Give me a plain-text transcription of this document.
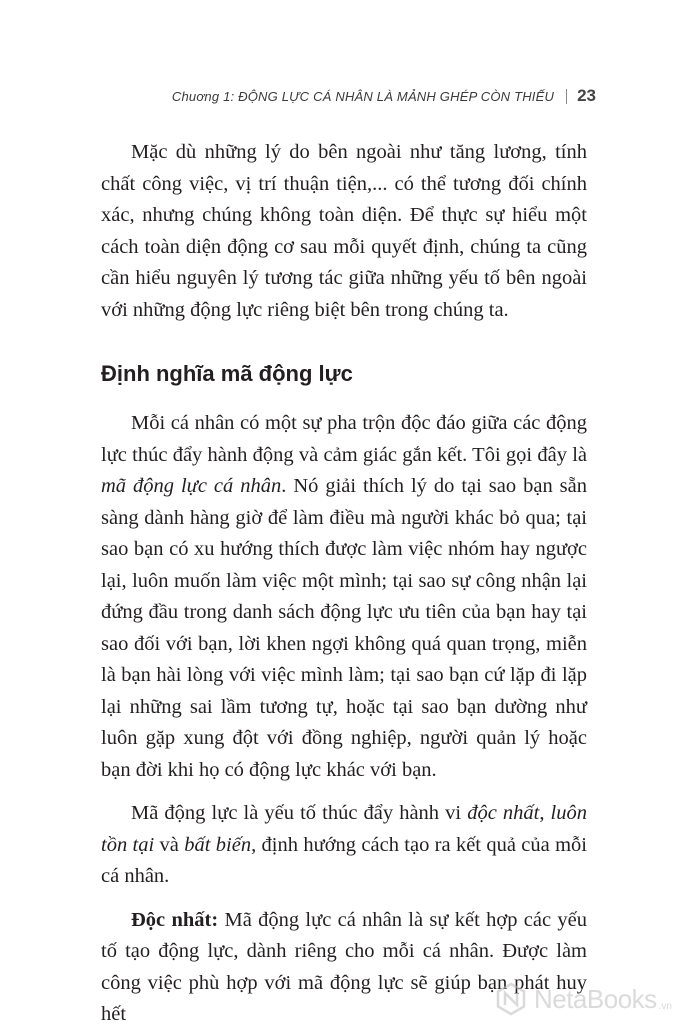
Chuơng 1: ĐỘNG LỰC CÁ NHÂN LÀ MẢNH GHÉP CÒN THIẾU 23

Mặc dù những lý do bên ngoài như tăng lương, tính chất công việc, vị trí thuận tiện,... có thể tương đối chính xác, nhưng chúng không toàn diện. Để thực sự hiểu một cách toàn diện động cơ sau mỗi quyết định, chúng ta cũng cần hiểu nguyên lý tương tác giữa những yếu tố bên ngoài với những động lực riêng biệt bên trong chúng ta.

Định nghĩa mã động lực

Mỗi cá nhân có một sự pha trộn độc đáo giữa các động lực thúc đẩy hành động và cảm giác gắn kết. Tôi gọi đây là mã động lực cá nhân. Nó giải thích lý do tại sao bạn sẵn sàng dành hàng giờ để làm điều mà người khác bỏ qua; tại sao bạn có xu hướng thích được làm việc nhóm hay ngược lại, luôn muốn làm việc một mình; tại sao sự công nhận lại đứng đầu trong danh sách động lực ưu tiên của bạn hay tại sao đối với bạn, lời khen ngợi không quá quan trọng, miễn là bạn hài lòng với việc mình làm; tại sao bạn cứ lặp đi lặp lại những sai lầm tương tự, hoặc tại sao bạn dường như luôn gặp xung đột với đồng nghiệp, người quản lý hoặc bạn đời khi họ có động lực khác với bạn.

Mã động lực là yếu tố thúc đẩy hành vi độc nhất, luôn tồn tại và bất biến, định hướng cách tạo ra kết quả của mỗi cá nhân.

Độc nhất: Mã động lực cá nhân là sự kết hợp các yếu tố tạo động lực, dành riêng cho mỗi cá nhân. Được làm công việc phù hợp với mã động lực sẽ giúp bạn phát huy hết

NetaBooks .vn
